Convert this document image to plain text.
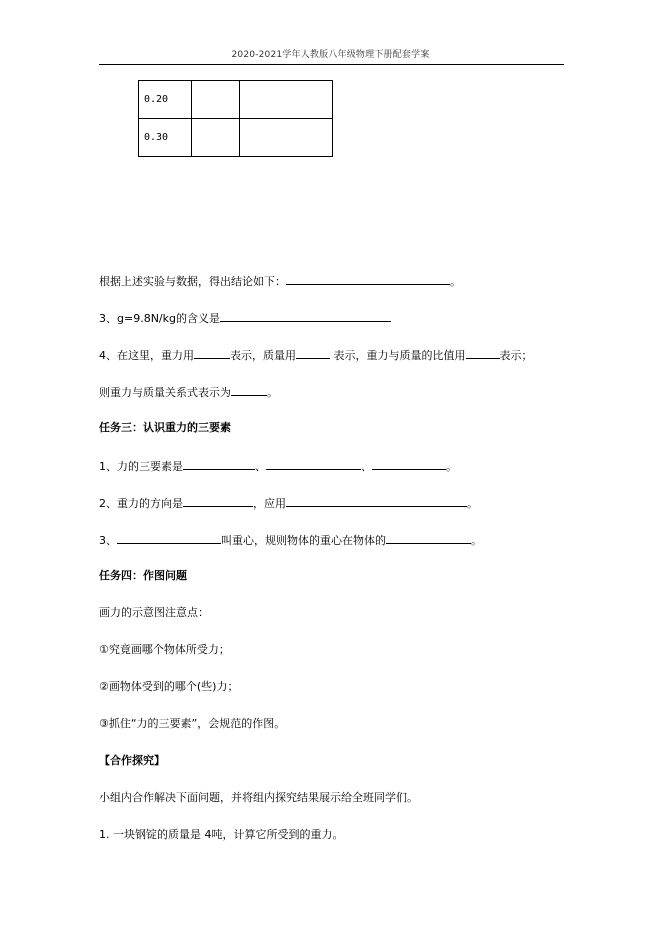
2020-2021学年人教版八年级物理下册配套学案
0.20		
0.30		
根据上述实验与数据，得出结论如下：	。
3、g=9.8N/kg的含义是
4、在这里，重力用	表示，质量用	表示，重力与质量的比值用	表示；
则重力与质量关系式表示为	。
任务三：认识重力的三要素
1、力的三要素是	、	、	。
2、重力的方向是	，应用	。
3、	叫重心，规则物体的重心在物体的	。
任务四：作图问题
画力的示意图注意点：
①究竟画哪个物体所受力；
②画物体受到的哪个(些)力；
③抓住“力的三要素”，会规范的作图。
【合作探究】
小组内合作解决下面问题，并将组内探究结果展示给全班同学们。
1. 一块钢锭的质量是 4吨，计算它所受到的重力。
